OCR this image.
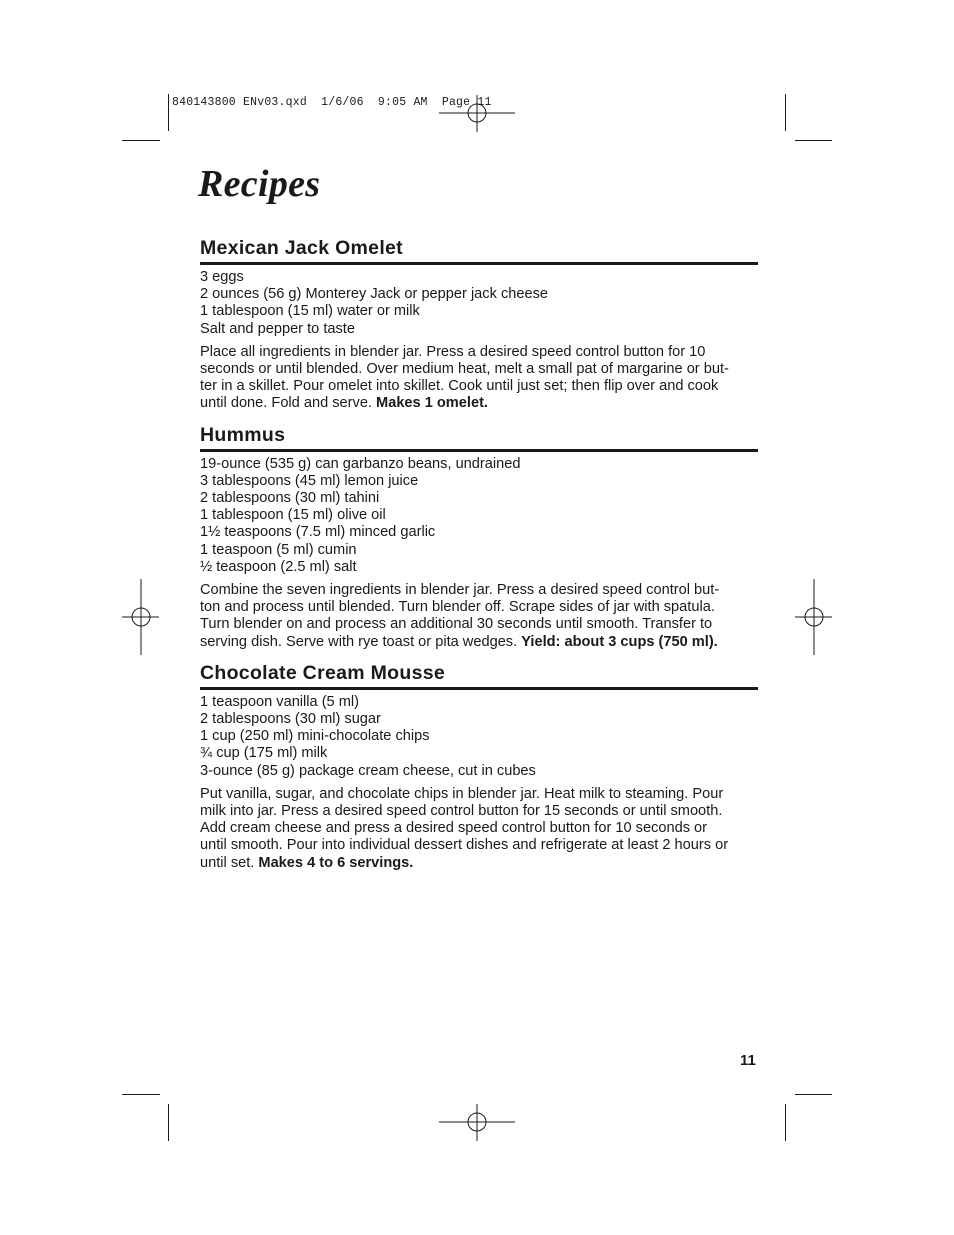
840143800 ENv03.qxd  1/6/06  9:05 AM  Page 11
Recipes
Mexican Jack Omelet
3 eggs
2 ounces (56 g) Monterey Jack or pepper jack cheese
1 tablespoon (15 ml) water or milk
Salt and pepper to taste

Place all ingredients in blender jar. Press a desired speed control button for 10
seconds or until blended. Over medium heat, melt a small pat of margarine or but-
ter in a skillet. Pour omelet into skillet. Cook until just set; then flip over and cook
until done. Fold and serve. Makes 1 omelet.

Hummus
19-ounce (535 g) can garbanzo beans, undrained
3 tablespoons (45 ml) lemon juice
2 tablespoons (30 ml) tahini
1 tablespoon (15 ml) olive oil
1½ teaspoons (7.5 ml) minced garlic
1 teaspoon (5 ml) cumin
½ teaspoon (2.5 ml) salt

Combine the seven ingredients in blender jar. Press a desired speed control but-
ton and process until blended. Turn blender off. Scrape sides of jar with spatula.
Turn blender on and process an additional 30 seconds until smooth. Transfer to
serving dish. Serve with rye toast or pita wedges. Yield: about 3 cups (750 ml).

Chocolate Cream Mousse
1 teaspoon vanilla (5 ml)
2 tablespoons (30 ml) sugar
1 cup (250 ml) mini-chocolate chips
¾ cup (175 ml) milk
3-ounce (85 g) package cream cheese, cut in cubes

Put vanilla, sugar, and chocolate chips in blender jar. Heat milk to steaming. Pour
milk into jar. Press a desired speed control button for 15 seconds or until smooth.
Add cream cheese and press a desired speed control button for 10 seconds or
until smooth. Pour into individual dessert dishes and refrigerate at least 2 hours or
until set. Makes 4 to 6 servings.

11
